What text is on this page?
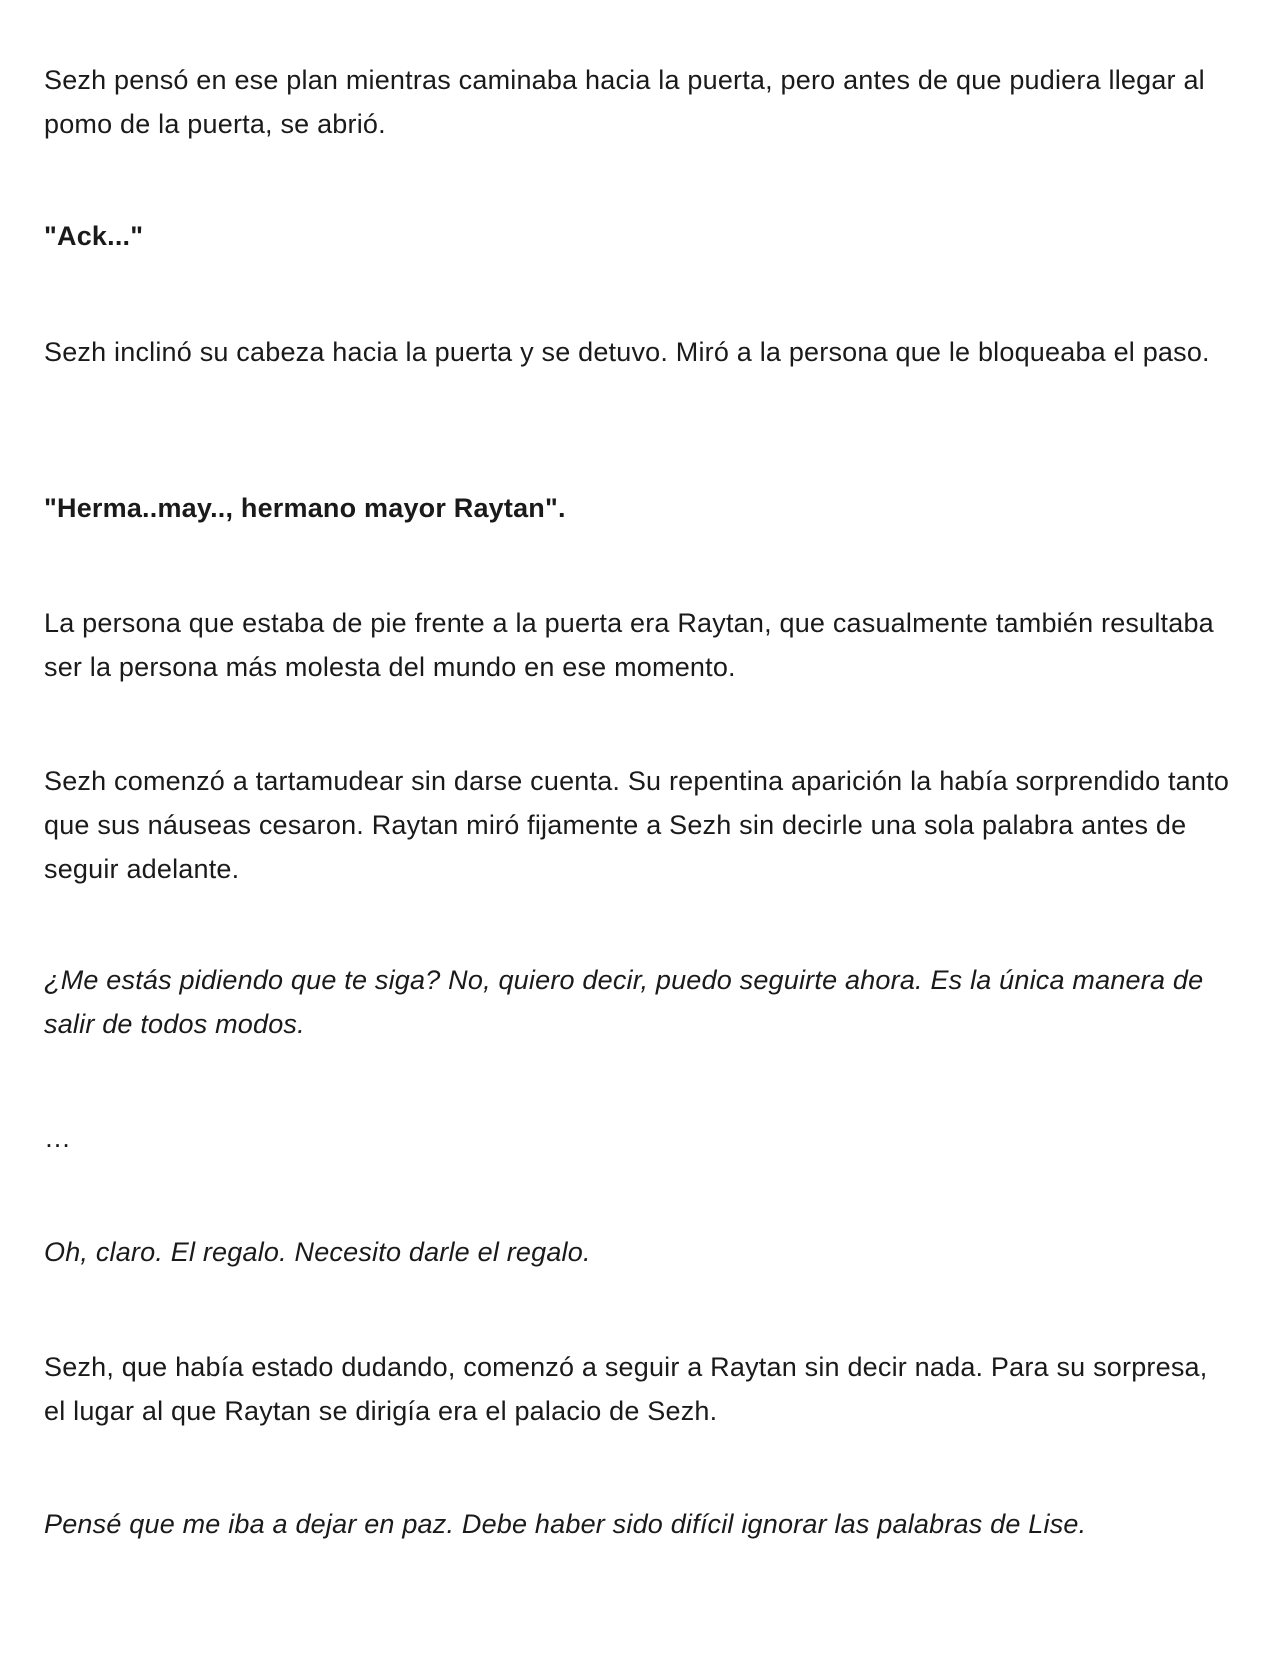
Sezh pensó en ese plan mientras caminaba hacia la puerta, pero antes de que pudiera llegar al pomo de la puerta, se abrió.

"Ack..."

Sezh inclinó su cabeza hacia la puerta y se detuvo. Miró a la persona que le bloqueaba el paso.

"Herma..may.., hermano mayor Raytan".

La persona que estaba de pie frente a la puerta era Raytan, que casualmente también resultaba ser la persona más molesta del mundo en ese momento.

Sezh comenzó a tartamudear sin darse cuenta. Su repentina aparición la había sorprendido tanto que sus náuseas cesaron. Raytan miró fijamente a Sezh sin decirle una sola palabra antes de seguir adelante.

¿Me estás pidiendo que te siga? No, quiero decir, puedo seguirte ahora. Es la única manera de salir de todos modos.

…

Oh, claro. El regalo. Necesito darle el regalo.

Sezh, que había estado dudando, comenzó a seguir a Raytan sin decir nada. Para su sorpresa, el lugar al que Raytan se dirigía era el palacio de Sezh.

Pensé que me iba a dejar en paz. Debe haber sido difícil ignorar las palabras de Lise.
